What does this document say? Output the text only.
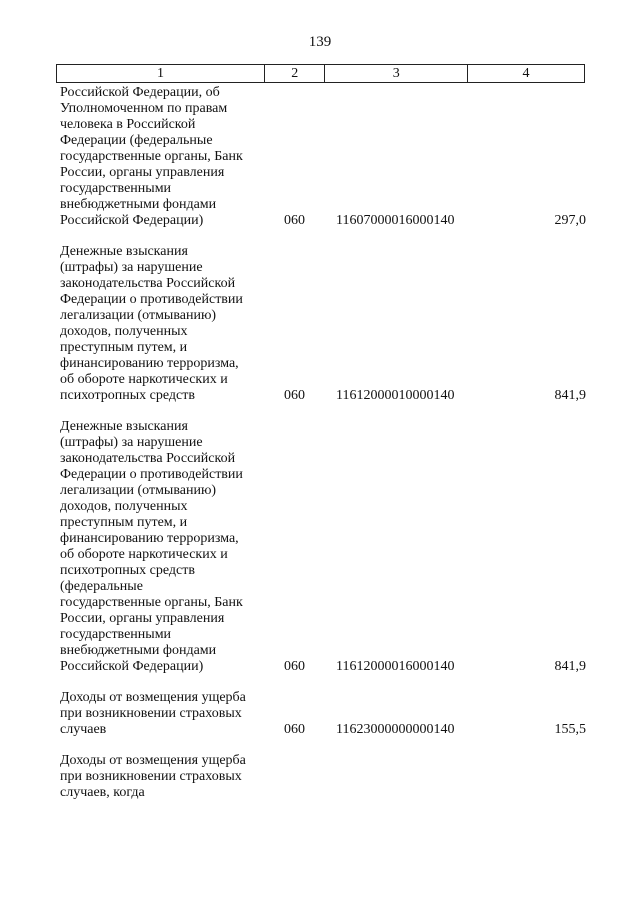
139
1	2	3	4
Российской Федерации, об
Уполномоченном по правам
человека в Российской
Федерации (федеральные
государственные органы, Банк
России, органы управления
государственными
внебюджетными фондами
Российской Федерации)	060 11607000016000140	297,0
Денежные взыскания
(штрафы) за нарушение
законодательства Российской
Федерации о противодействии
легализации (отмыванию)
доходов, полученных
преступным путем, и
финансированию терроризма,
об обороте наркотических и
психотропных средств	060 11612000010000140	841,9
Денежные взыскания
(штрафы) за нарушение
законодательства Российской
Федерации о противодействии
легализации (отмыванию)
доходов, полученных
преступным путем, и
финансированию терроризма,
об обороте наркотических и
психотропных средств
(федеральные
государственные органы, Банк
России, органы управления
государственными
внебюджетными фондами
Российской Федерации)	060 11612000016000140	841,9
Доходы от возмещения ущерба
при возникновении страховых
случаев	060 11623000000000140	155,5
Доходы от возмещения ущерба
при возникновении страховых
случаев, когда
